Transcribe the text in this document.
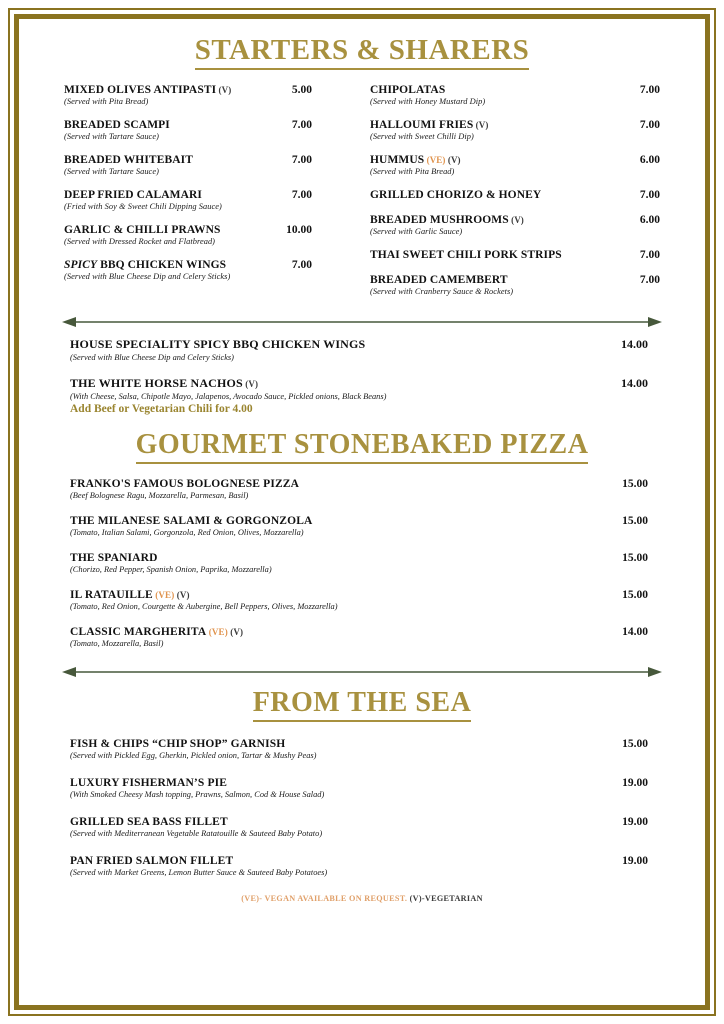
STARTERS & SHARERS
MIXED OLIVES ANTIPASTI (V)	5.00
(Served with Pita Bread)
BREADED SCAMPI	7.00
(Served with Tartare Sauce)
BREADED WHITEBAIT	7.00
(Served with Tartare Sauce)
DEEP FRIED CALAMARI	7.00
(Fried with Soy & Sweet Chili Dipping Sauce)
GARLIC & CHILLI PRAWNS	10.00
(Served with Dressed Rocket and Flatbread)
SPICY BBQ CHICKEN WINGS	7.00
(Served with Blue Cheese Dip and Celery Sticks)
CHIPOLATAS	7.00
(Served with Honey Mustard Dip)
HALLOUMI FRIES (V)	7.00
(Served with Sweet Chilli Dip)
HUMMUS (VE) (V)	6.00
(Served with Pita Bread)
GRILLED CHORIZO & HONEY	7.00
BREADED MUSHROOMS (V)	6.00
(Served with Garlic Sauce)
THAI SWEET CHILI PORK STRIPS	7.00
BREADED CAMEMBERT	7.00
(Served with Cranberry Sauce & Rockets)
HOUSE SPECIALITY SPICY BBQ CHICKEN WINGS	14.00
(Served with Blue Cheese Dip and Celery Sticks)
THE WHITE HORSE NACHOS (V)	14.00
(With Cheese, Salsa, Chipotle Mayo, Jalapenos, Avocado Sauce, Pickled onions, Black Beans)
Add Beef or Vegetarian Chili for 4.00
GOURMET STONEBAKED PIZZA
FRANKO'S FAMOUS BOLOGNESE PIZZA	15.00
(Beef Bolognese Ragu, Mozzarella, Parmesan, Basil)
THE MILANESE SALAMI & GORGONZOLA	15.00
(Tomato, Italian Salami, Gorgonzola, Red Onion, Olives, Mozzarella)
THE SPANIARD	15.00
(Chorizo, Red Pepper, Spanish Onion, Paprika, Mozzarella)
IL RATAUILLE (VE) (V)	15.00
(Tomato, Red Onion, Courgette & Aubergine, Bell Peppers, Olives, Mozzarella)
CLASSIC MARGHERITA (VE) (V)	14.00
(Tomato, Mozzarella, Basil)
FROM THE SEA
FISH & CHIPS “CHIP SHOP” GARNISH	15.00
(Served with Pickled Egg, Gherkin, Pickled onion, Tartar & Mushy Peas)
LUXURY FISHERMAN’S PIE	19.00
(With Smoked Cheesy Mash topping, Prawns, Salmon, Cod & House Salad)
GRILLED SEA BASS FILLET	19.00
(Served with Mediterranean Vegetable Ratatouille & Sauteed Baby Potato)
PAN FRIED SALMON FILLET	19.00
(Served with Market Greens, Lemon Butter Sauce & Sauteed Baby Potatoes)
(VE)- VEGAN AVAILABLE ON REQUEST. (V)-VEGETARIAN
